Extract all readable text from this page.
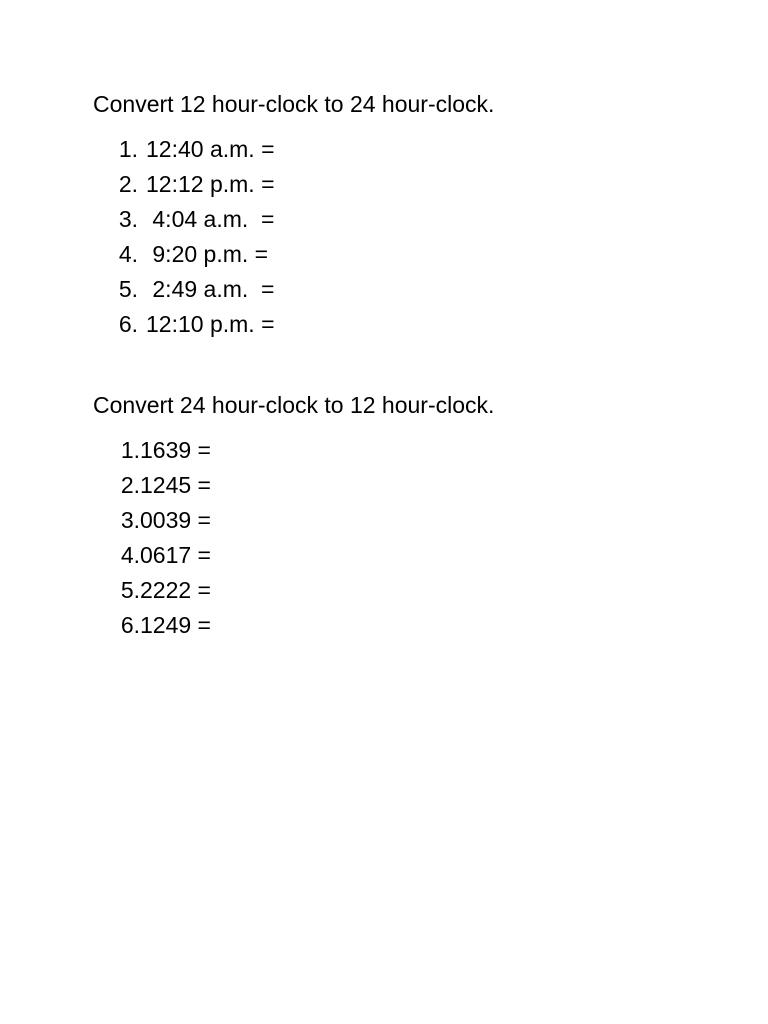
Convert 12 hour-clock to 24 hour-clock.

1. 12:40 a.m. =
2. 12:12 p.m. =
3. 4:04 a.m.  =
4. 9:20 p.m. =
5. 2:49 a.m.  =
6. 12:10 p.m. =

Convert 24 hour-clock to 12 hour-clock.

1. 1639 =
2. 1245 =
3. 0039 =
4. 0617 =
5. 2222 =
6. 1249 =
